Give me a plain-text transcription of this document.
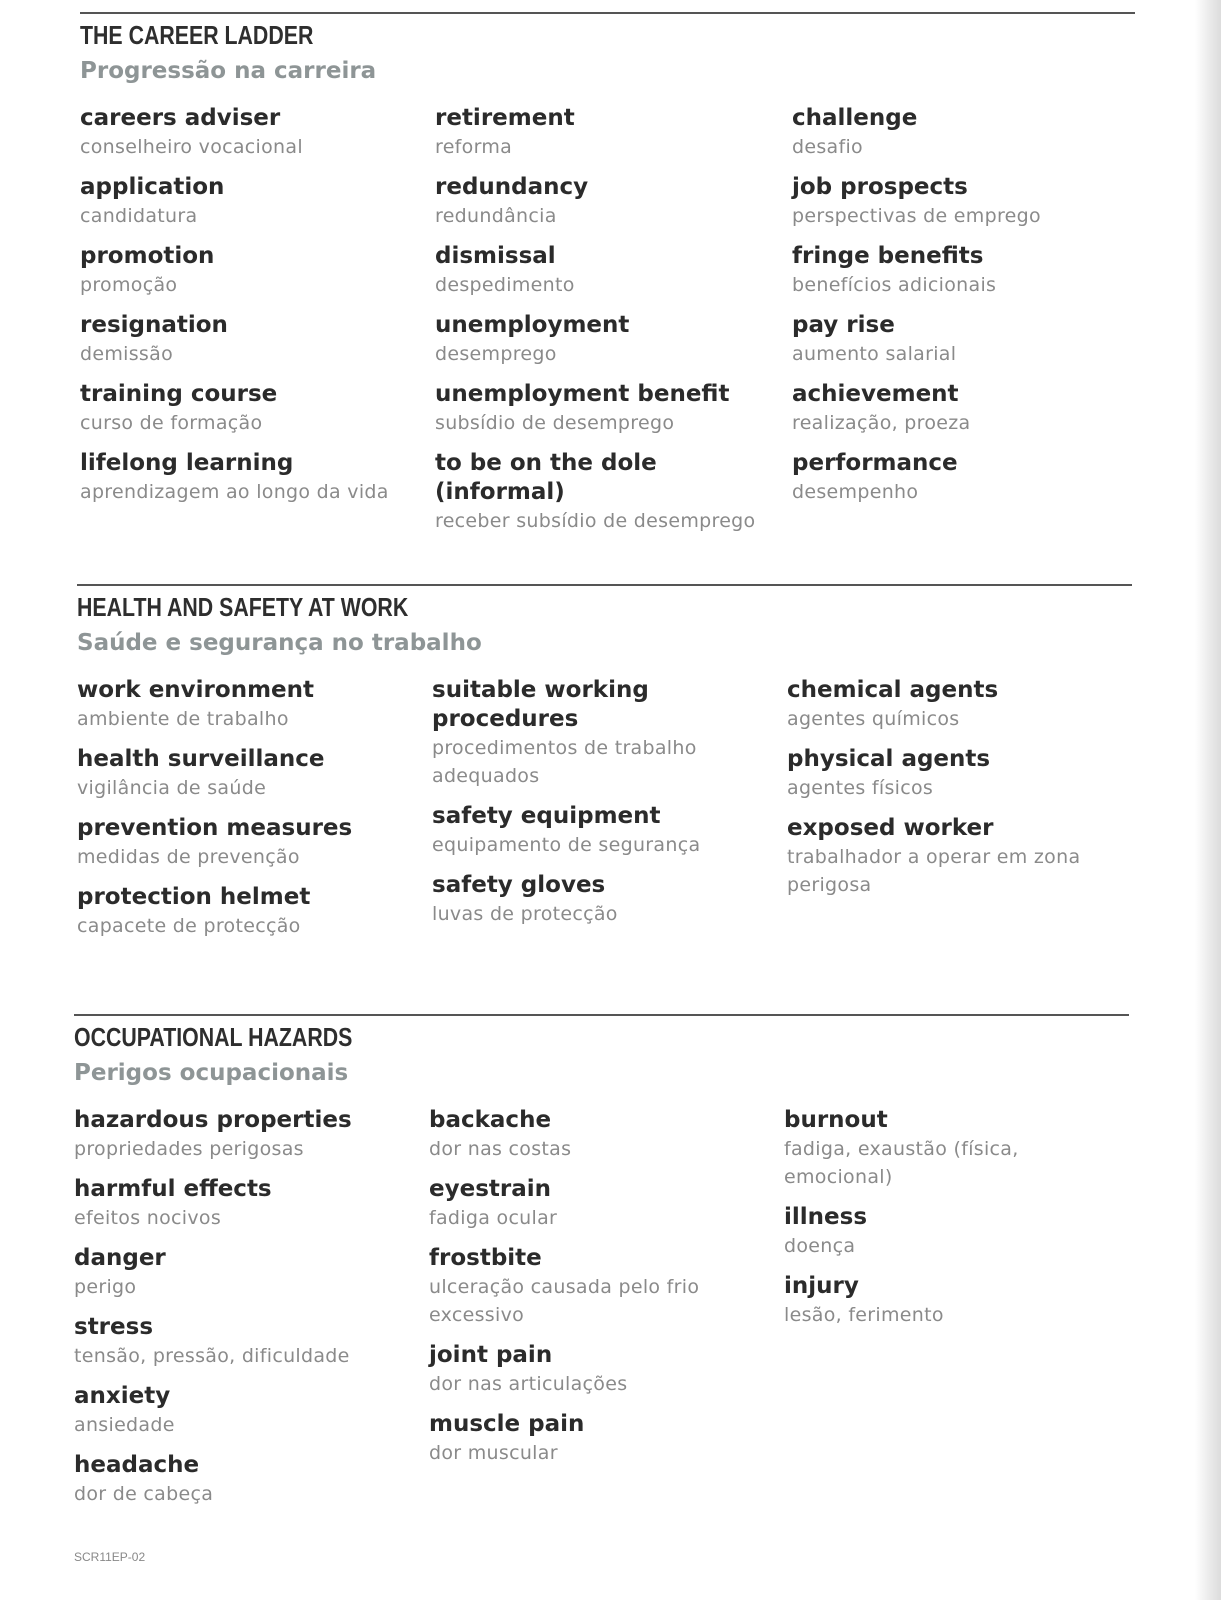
THE CAREER LADDER
Progressão na carreira
careers adviser
conselheiro vocacional
application
candidatura
promotion
promoção
resignation
demissão
training course
curso de formação
lifelong learning
aprendizagem ao longo da vida
retirement
reforma
redundancy
redundância
dismissal
despedimento
unemployment
desemprego
unemployment benefit
subsídio de desemprego
to be on the dole (informal)
receber subsídio de desemprego
challenge
desafio
job prospects
perspectivas de emprego
fringe benefits
benefícios adicionais
pay rise
aumento salarial
achievement
realização, proeza
performance
desempenho
HEALTH AND SAFETY AT WORK
Saúde e segurança no trabalho
work environment
ambiente de trabalho
health surveillance
vigilância de saúde
prevention measures
medidas de prevenção
protection helmet
capacete de protecção
suitable working procedures
procedimentos de trabalho adequados
safety equipment
equipamento de segurança
safety gloves
luvas de protecção
chemical agents
agentes químicos
physical agents
agentes físicos
exposed worker
trabalhador a operar em zona perigosa
OCCUPATIONAL HAZARDS
Perigos ocupacionais
hazardous properties
propriedades perigosas
harmful effects
efeitos nocivos
danger
perigo
stress
tensão, pressão, dificuldade
anxiety
ansiedade
headache
dor de cabeça
backache
dor nas costas
eyestrain
fadiga ocular
frostbite
ulceração causada pelo frio excessivo
joint pain
dor nas articulações
muscle pain
dor muscular
burnout
fadiga, exaustão (física, emocional)
illness
doença
injury
lesão, ferimento
SCR11EP-02
